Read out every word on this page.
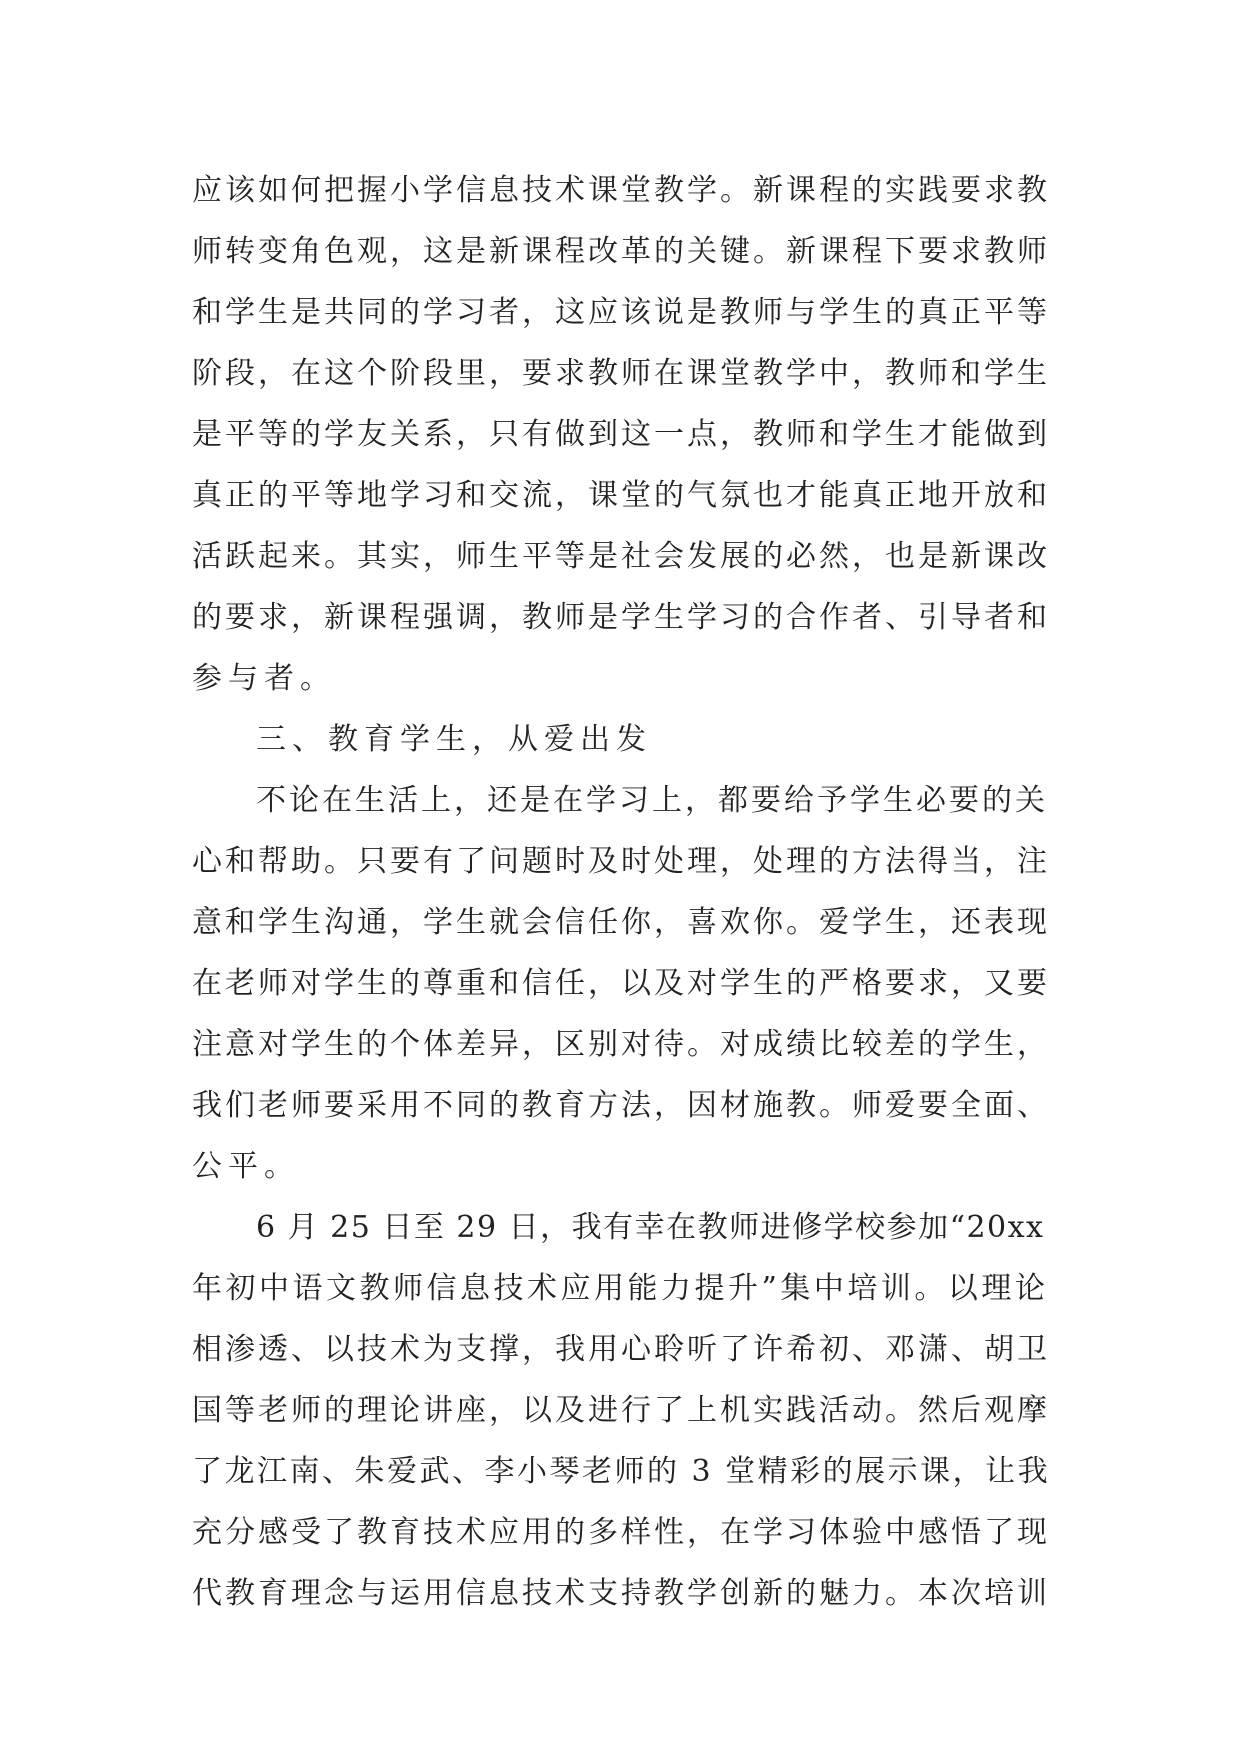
应该如何把握小学信息技术课堂教学。新课程的实践要求教
师转变角色观，这是新课程改革的关键。新课程下要求教师
和学生是共同的学习者，这应该说是教师与学生的真正平等
阶段，在这个阶段里，要求教师在课堂教学中，教师和学生
是平等的学友关系，只有做到这一点，教师和学生才能做到
真正的平等地学习和交流，课堂的气氛也才能真正地开放和
活跃起来。其实，师生平等是社会发展的必然，也是新课改
的要求，新课程强调，教师是学生学习的合作者、引导者和
参与者。
三、教育学生，从爱出发
不论在生活上，还是在学习上，都要给予学生必要的关
心和帮助。只要有了问题时及时处理，处理的方法得当，注
意和学生沟通，学生就会信任你，喜欢你。爱学生，还表现
在老师对学生的尊重和信任，以及对学生的严格要求，又要
注意对学生的个体差异，区别对待。对成绩比较差的学生，
我们老师要采用不同的教育方法，因材施教。师爱要全面、
公平。
6 月 25 日至 29 日，我有幸在教师进修学校参加“20xx
年初中语文教师信息技术应用能力提升”集中培训。以理论
相渗透、以技术为支撑，我用心聆听了许希初、邓潇、胡卫
国等老师的理论讲座，以及进行了上机实践活动。然后观摩
了龙江南、朱爱武、李小琴老师的 3 堂精彩的展示课，让我
充分感受了教育技术应用的多样性，在学习体验中感悟了现
代教育理念与运用信息技术支持教学创新的魅力。本次培训
